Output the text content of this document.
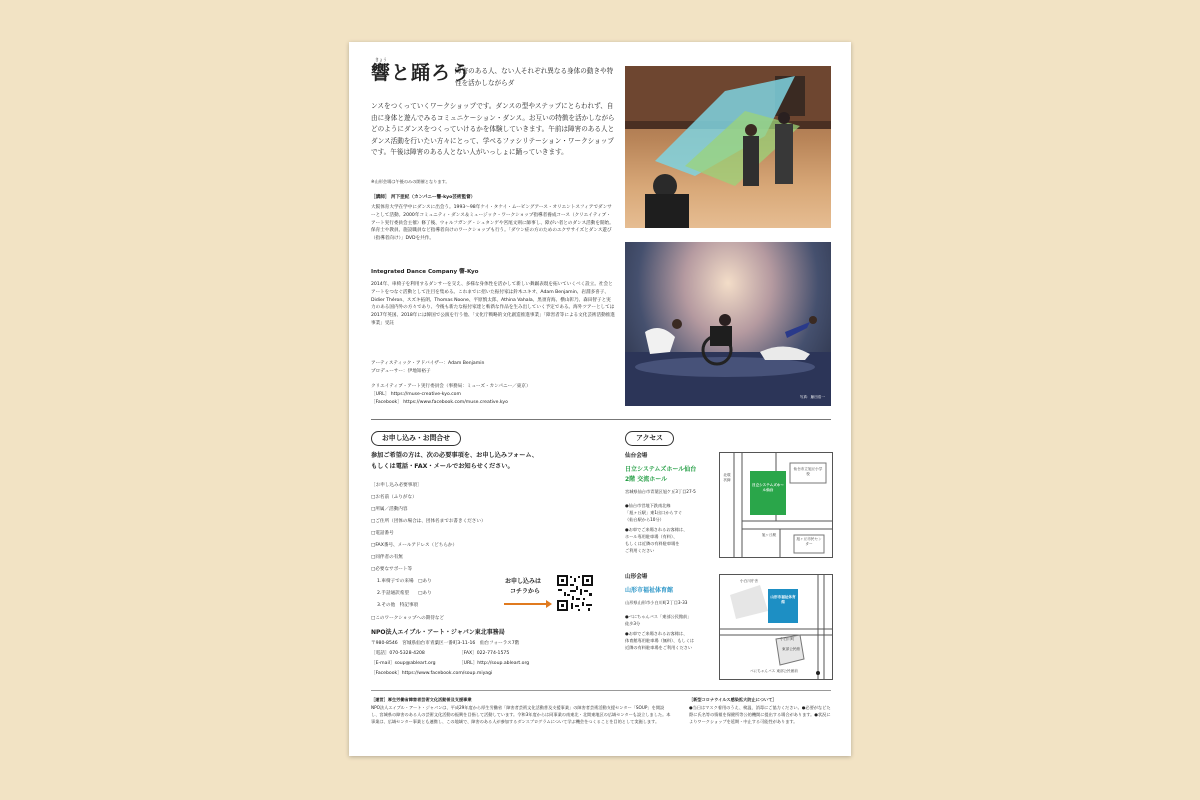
きょう
響と踊ろう
障害のある人、ない人それぞれ異なる身体の動きや特性を活かしながらダ
ンスをつくっていくワークショップです。ダンスの型やステップにとらわれず、自由に身体と遊んでみるコミュニケーション・ダンス。お互いの特徴を活かしながらどのようにダンスをつくっていけるかを体験していきます。午前は障害のある人とダンス活動を行いたい方々にとって、学べるファシリテーション・ワークショップです。午後は障害のある人とない人がいっしょに踊っていきます。
※山形会場は午後のみの開催となります。
［講師］ 河下亜紀（カンパニー響-kyo芸術監督）
大阪体育大学在学中にダンスに出会う。1993〜98年ケイ・タケイ・ムービングアース・オリエントスフィアでダンサーとして活動。2000年コミュニティ・ダンス＆ミュージック・ワークショップ指導者養成コース（クリエイティブ・アート実行委員会主催）修了後、ウォルフガング・シュタンゲや宮尾文則に師事し、障がい者とのダンス活動を開始。保育士や教員、施設職員など指導者向けのワークショップも行う。「ダウン症の方のためのエクササイズとダンス遊び（指導者向け）」DVDを共作。
Integrated Dance Company 響-Kyo
2014年、車椅子を利用するダンサーを交え、多様な身体性を活かして新しい舞踊表現を拓いていくべく設立。社会とアートをつなぐ活動として注目を集める。これまでに招いた振付家は鈴木ユキオ、Adam Benjamin、岩淵多喜子、Didier Théron、スズキ拓朗、Thomas Noone、平原慎太郎、Athina Vahala、黒須育海、横山彰乃、森田智子と実力のある国内外の方々であり、今後も新たな振付家達と斬新な作品を生み出していく予定である。海外ツアーとしては2017年英国、2018年には韓国で公演を行う他、「文化庁戦略的文化創造推進事業」「障害者等による文化芸術活動推進事業」受託
アーティスティック・アドバイザー：Adam Benjamin
プロデューサー：伊地知裕子
クリエイティブ・アート実行委員会（事務局：ミューズ・カンパニー／東京）
［URL］ https://muse-creative-kyo.com
［Facebook］ https://www.facebook.com/muse.creative.kyo
写真：藤田浩一
お申し込み・お問合せ
参加ご希望の方は、次の必要事項を、お申し込みフォーム、
もしくは電話・FAX・メールでお知らせください。
［お申し込み必要事項］
□お名前（ふりがな）
□所属／活動内容
□ご住所（団体の場合は、団体名までお書きください）
□電話番号
□FAX番号、メールアドレス（どちらか）
□同伴者の有無
□必要なサポート等
1.車椅子での来場　□あり
2.手話通訳希望　　□あり
3.その他　特記事項
□このワークショップへの期待など
お申し込みは
コチラから
NPO法人エイブル・アート・ジャパン東北事務局
〒980-8546　宮城県仙台市青葉区一番町3-11-16　仙台フォーラス7階
［電話］070-5328-4208	［FAX］022-774-1575
［E-mail］soup@ableart.org	［URL］http://soup.ableart.org
［Facebook］https://www.facebook.com/soup.miyagi
アクセス
仙台会場
日立システムズホール仙台
2階 交流ホール
宮城県仙台市青葉区旭ケ丘3丁目27-5
●仙台市営地下鉄南北線
「旭ヶ丘駅」東1出口からすぐ
（仙台駅から10分）
●お車でご来場されるお客様は、
ホール専用駐車場（有料）、
もしくは近隣の有料駐車場を
ご利用ください
日立システムズホール仙台
仙台市立旭丘小学校
旭ヶ丘市民センター
旭ヶ丘駅
北環状線
山形会場
山形市福祉体育館
山形県山形市小白川町2丁目3-33
●べにちゃんバス「東部公民館前」
徒歩3分
●お車でご来場されるお客様は、
体育館専用駐車場（無料）、もしくは
近隣の有料駐車場をご利用ください
山形市福祉体育館
小白川庁舎
東部公民館
小白川町
べにちゃんバス 東部公民館前
［運営］厚生労働省障害者芸術文化活動普及支援事業
NPO法人エイブル・アート・ジャパンは、平成29年度から厚生労働省「障害者芸術文化活動普及支援事業」の障害者芸術活動支援センター「SOUP」を開設し、宮城県の障害のある人の芸術文化活動の振興を目指して活動しています。令和3年度からは同事業の南東北・北関東地区の広域センターも設立しました。本事業は、広域センター事業とも連携し、この地域で、障害のある人が参加するダンスプログラムについて学ぶ機会をつくることを目的として実施します。
［新型コロナウイルス感染拡大防止について］
●当日はマスク着用のうえ、検温、消毒にご協力ください。●必要がなどた際に氏名等の情報を保健所等公的機関に提出する場合があります。●状況によりワークショップを延期・中止する可能性があります。
